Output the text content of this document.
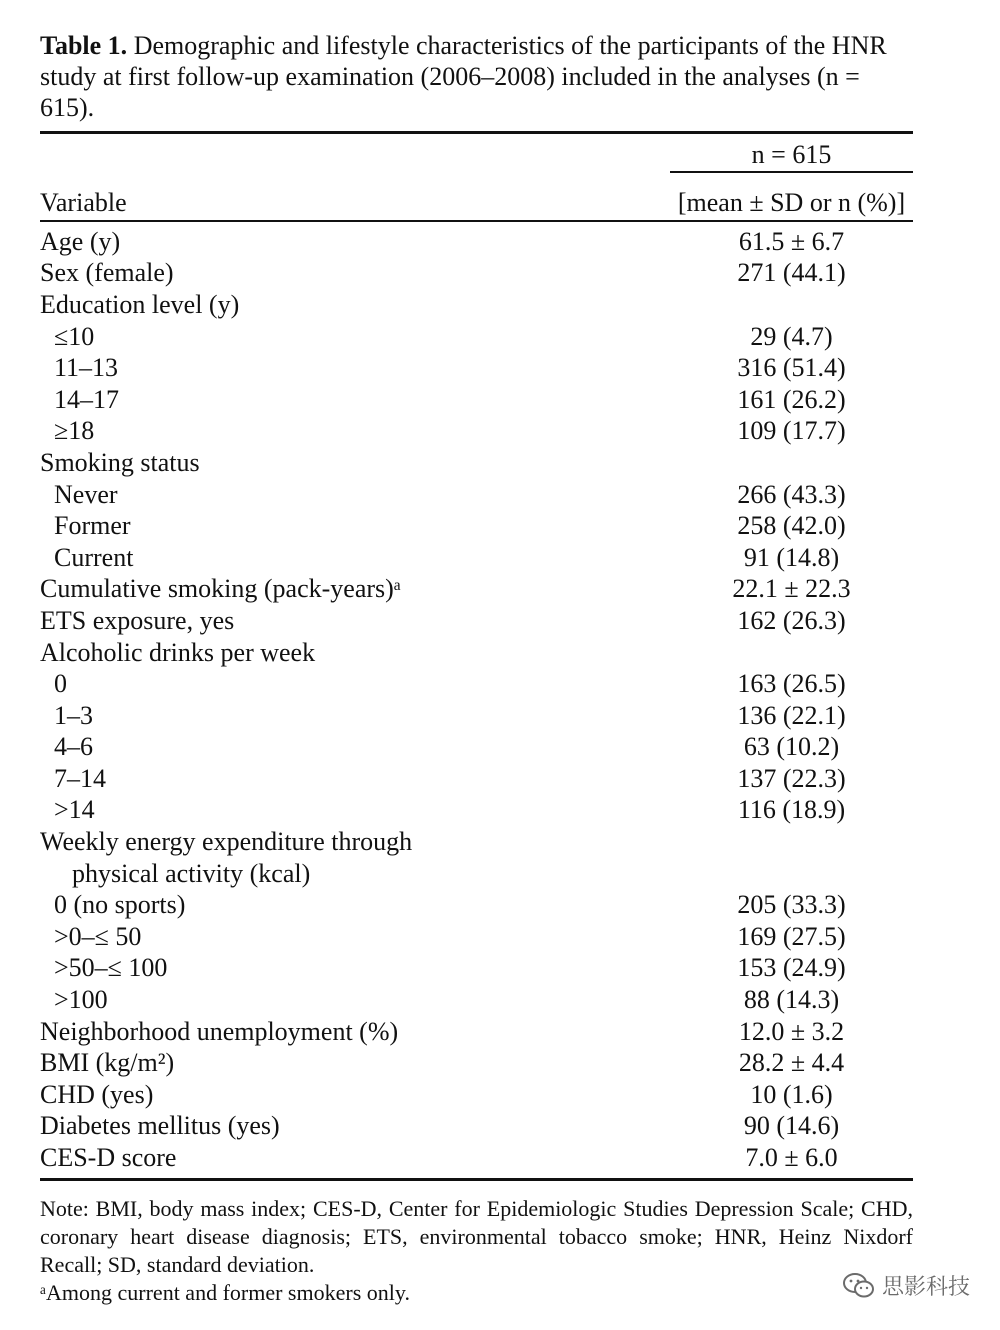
Table 1. Demographic and lifestyle characteristics of the participants of the HNR study at first follow-up examination (2006–2008) included in the analyses (n = 615).

n = 615
Variable	[mean ± SD or n (%)]
Age (y)	61.5 ± 6.7
Sex (female)	271 (44.1)
Education level (y)
≤10	29 (4.7)
11–13	316 (51.4)
14–17	161 (26.2)
≥18	109 (17.7)
Smoking status
Never	266 (43.3)
Former	258 (42.0)
Current	91 (14.8)
Cumulative smoking (pack-years)ᵃ	22.1 ± 22.3
ETS exposure, yes	162 (26.3)
Alcoholic drinks per week
0	163 (26.5)
1–3	136 (22.1)
4–6	63 (10.2)
7–14	137 (22.3)
>14	116 (18.9)
Weekly energy expenditure through
physical activity (kcal)
0 (no sports)	205 (33.3)
>0–≤ 50	169 (27.5)
>50–≤ 100	153 (24.9)
>100	88 (14.3)
Neighborhood unemployment (%)	12.0 ± 3.2
BMI (kg/m²)	28.2 ± 4.4
CHD (yes)	10 (1.6)
Diabetes mellitus (yes)	90 (14.6)
CES-D score	7.0 ± 6.0
Note: BMI, body mass index; CES-D, Center for Epidemiologic Studies Depression Scale; CHD, coronary heart disease diagnosis; ETS, environmental tobacco smoke; HNR, Heinz Nixdorf Recall; SD, standard deviation.
ᵃAmong current and former smokers only.	思影科技
